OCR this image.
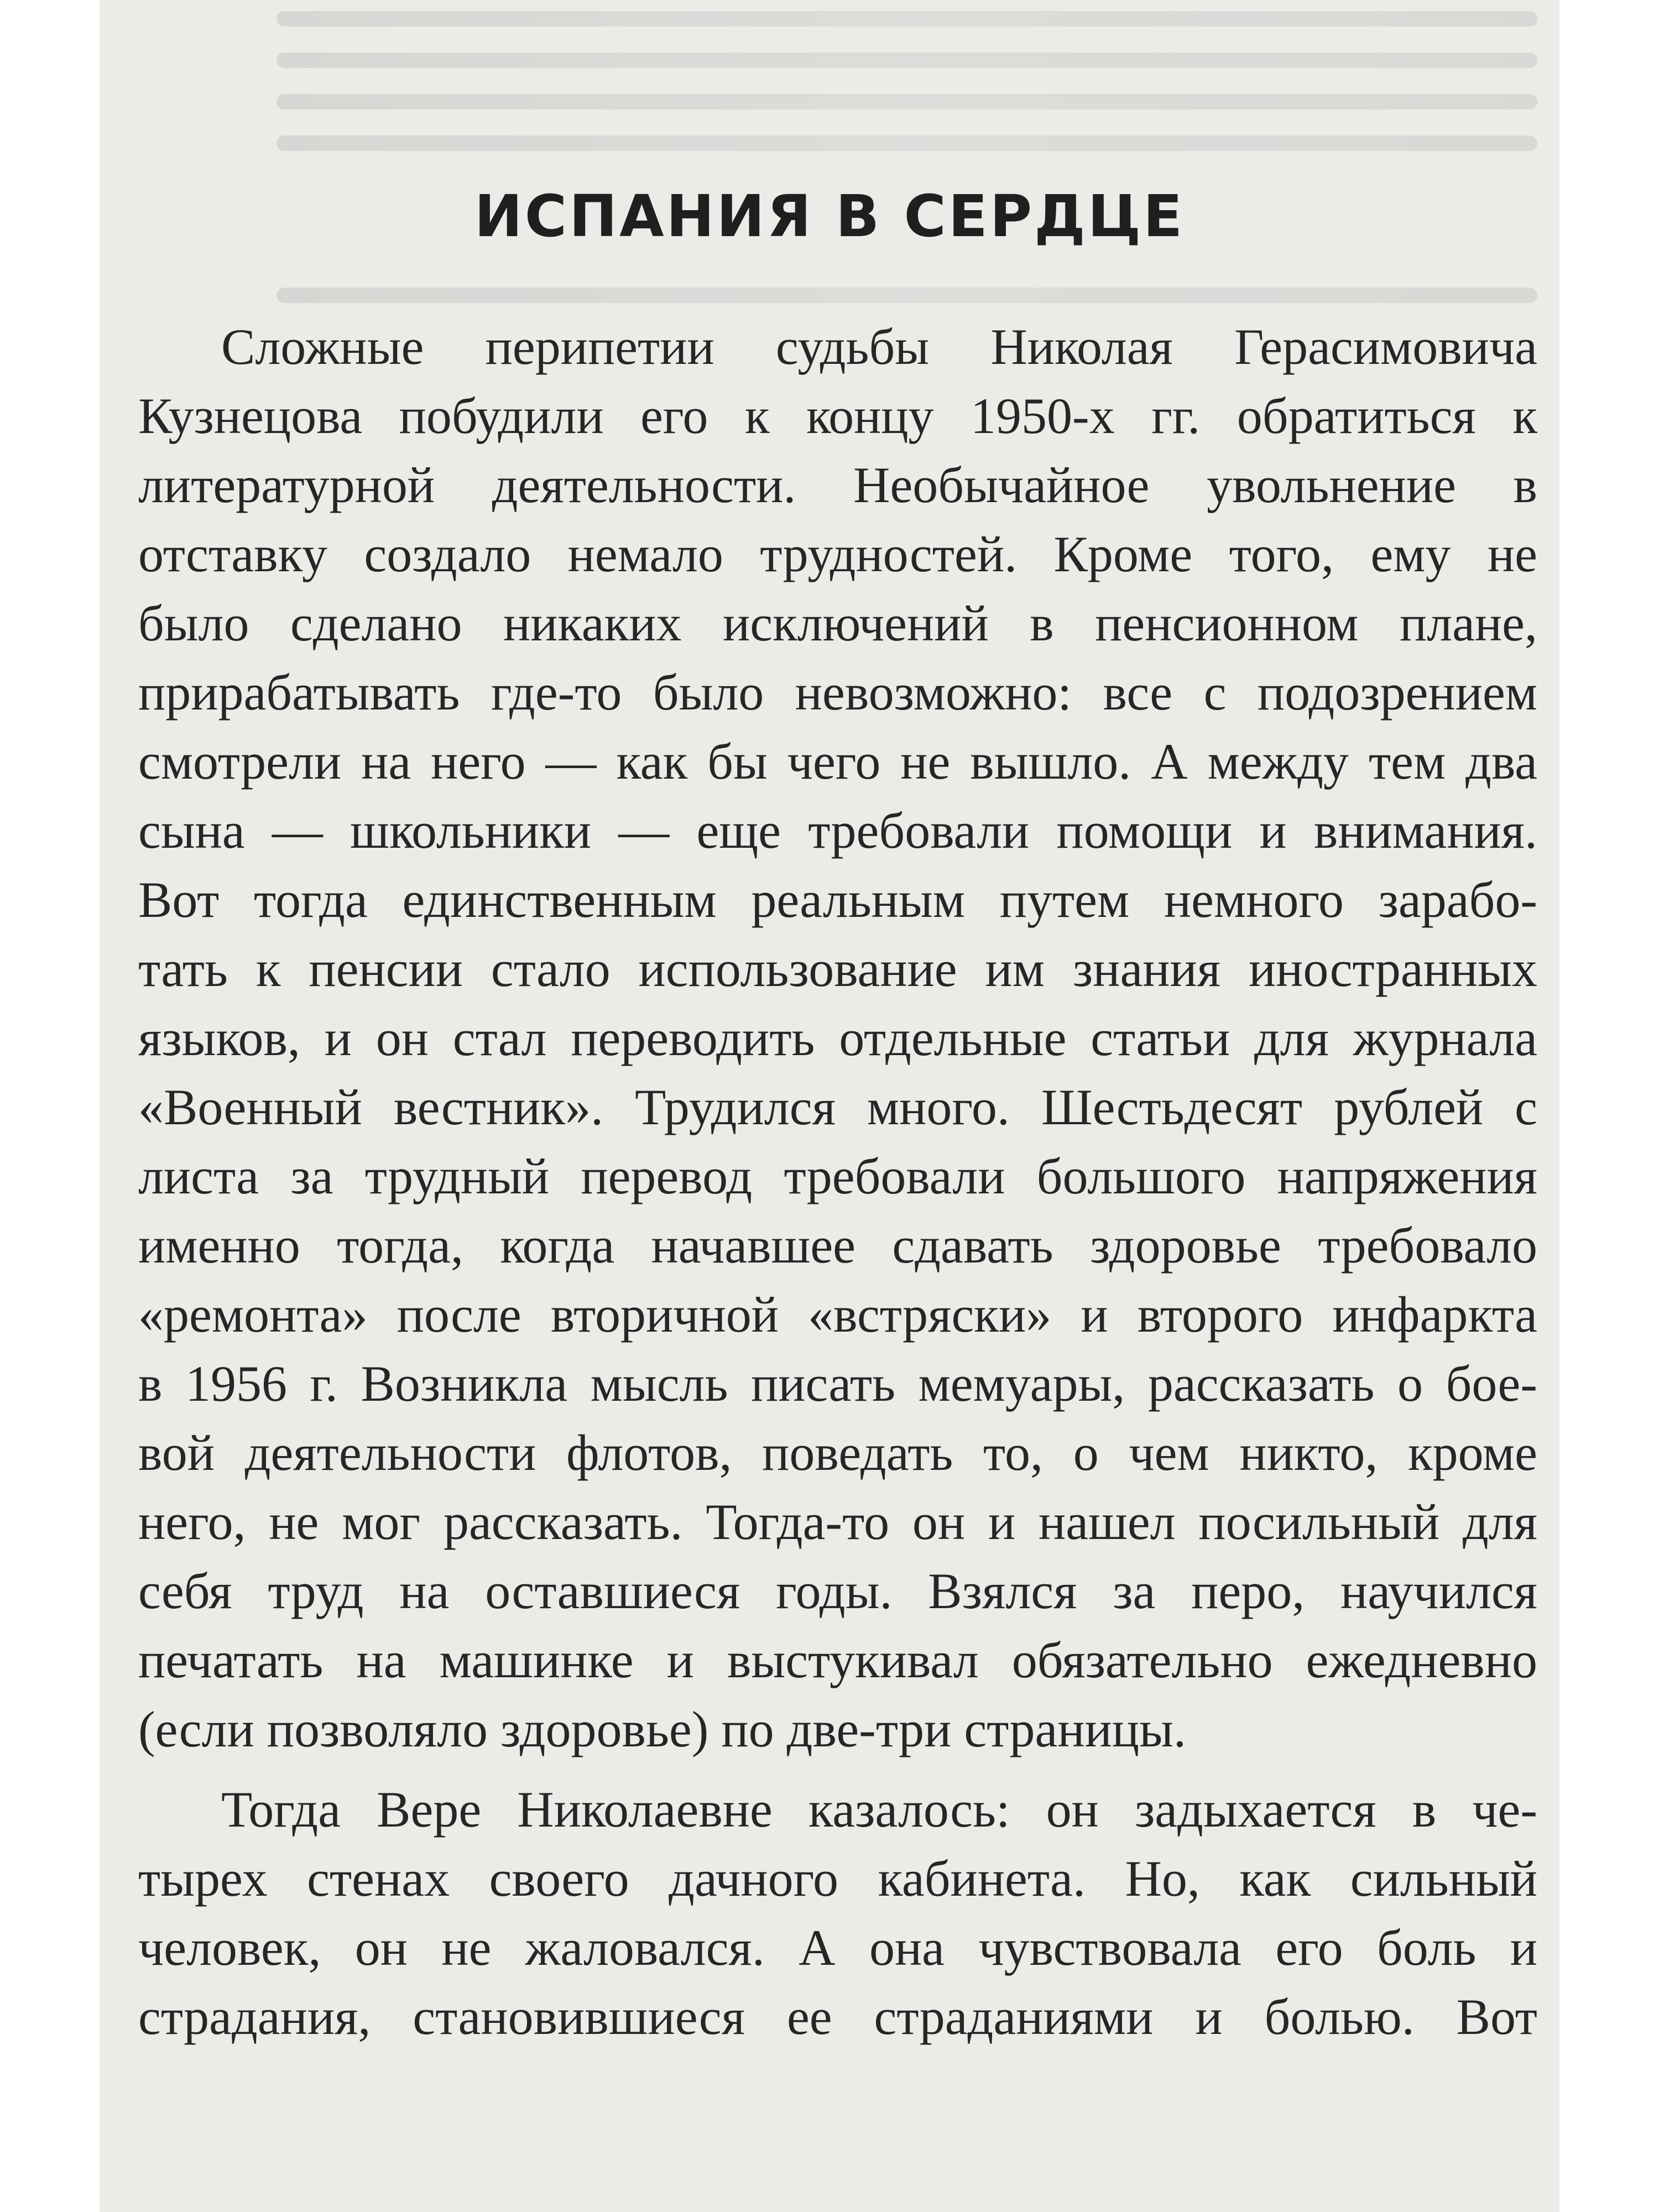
ИСПАНИЯ В СЕРДЦЕ
Сложные перипетии судьбы Николая Герасимовича
Кузнецова побудили его к концу 1950-х гг. обратиться к
литературной деятельности. Необычайное увольнение в
отставку создало немало трудностей. Кроме того, ему не
было сделано никаких исключений в пенсионном плане,
прирабатывать где-то было невозможно: все с подозрением
смотрели на него — как бы чего не вышло. А между тем два
сына — школьники — еще требовали помощи и внимания.
Вот тогда единственным реальным путем немного зарабо-
тать к пенсии стало использование им знания иностранных
языков, и он стал переводить отдельные статьи для журнала
«Военный вестник». Трудился много. Шестьдесят рублей с
листа за трудный перевод требовали большого напряжения
именно тогда, когда начавшее сдавать здоровье требовало
«ремонта» после вторичной «встряски» и второго инфаркта
в 1956 г. Возникла мысль писать мемуары, рассказать о бое-
вой деятельности флотов, поведать то, о чем никто, кроме
него, не мог рассказать. Тогда-то он и нашел посильный для
себя труд на оставшиеся годы. Взялся за перо, научился
печатать на машинке и выстукивал обязательно ежедневно
(если позволяло здоровье) по две-три страницы.
Тогда Вере Николаевне казалось: он задыхается в че-
тырех стенах своего дачного кабинета. Но, как сильный
человек, он не жаловался. А она чувствовала его боль и
страдания, становившиеся ее страданиями и болью. Вот
